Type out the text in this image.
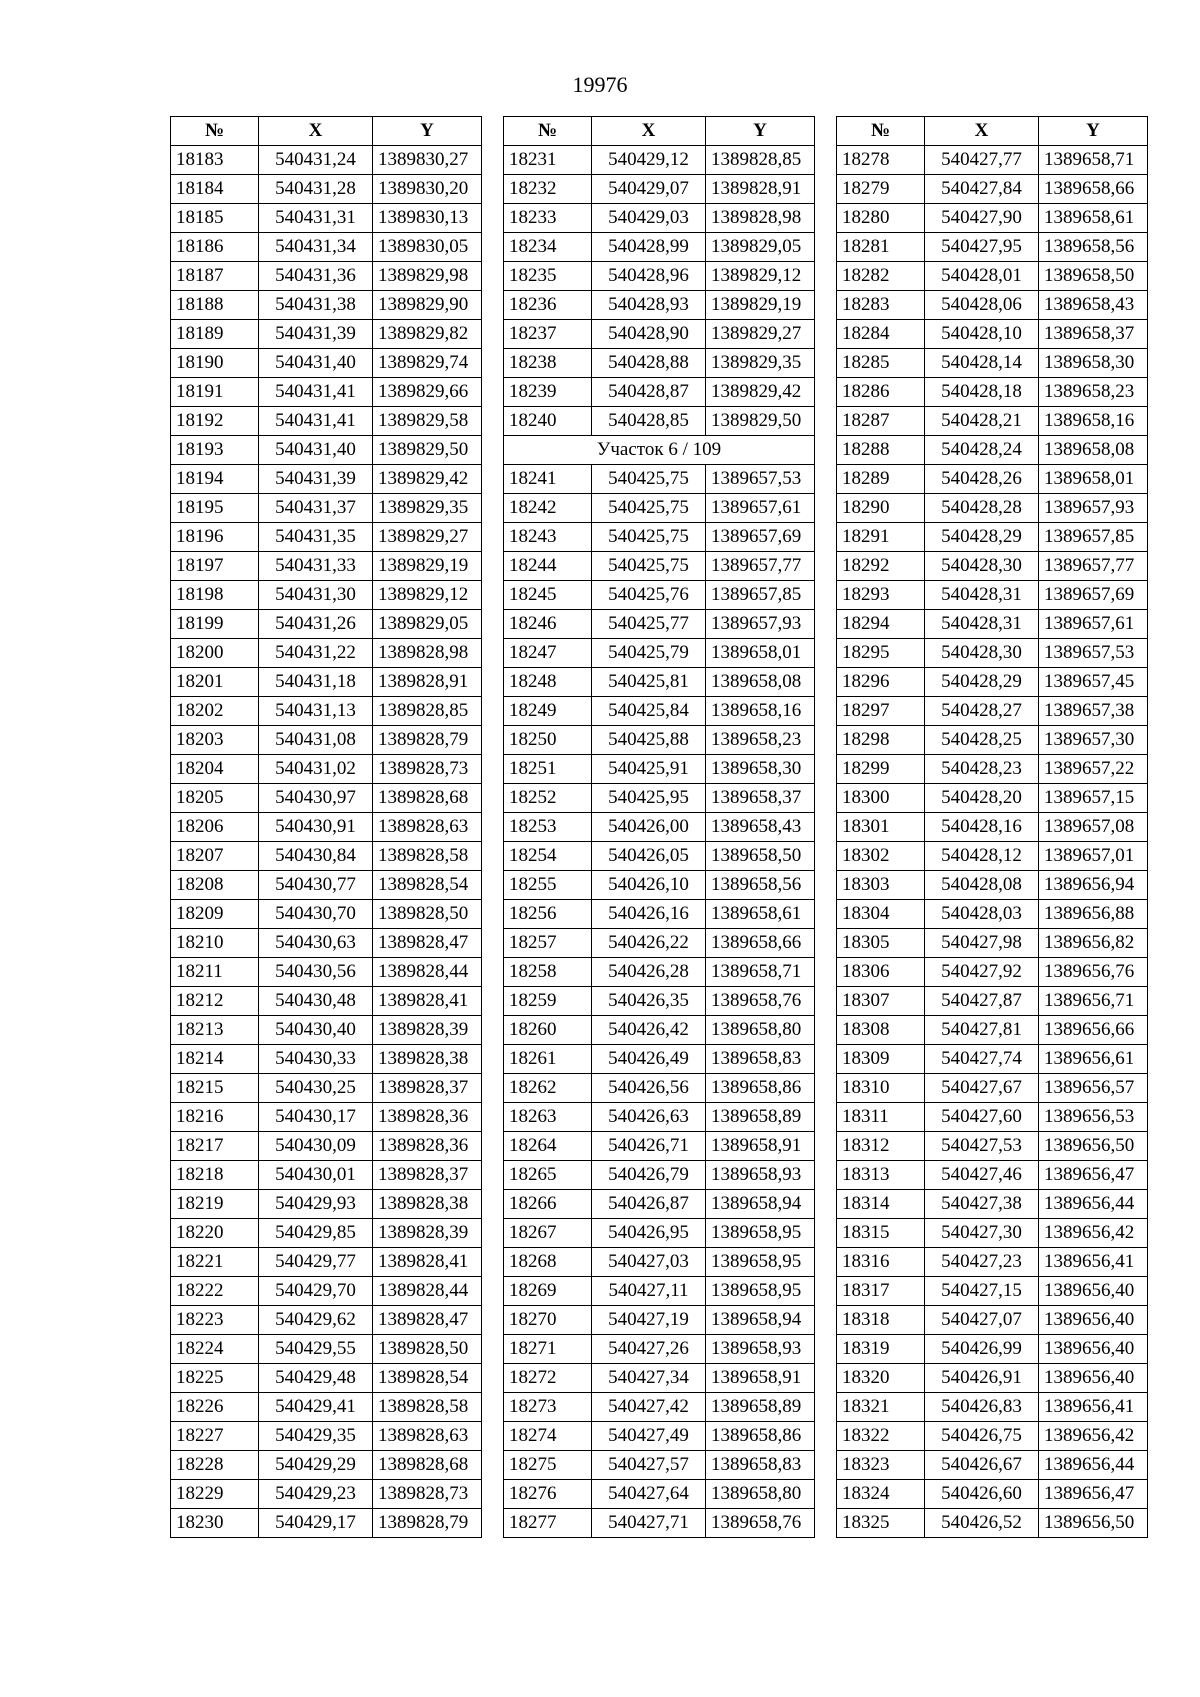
19976
№	X	Y
18183	540431,24	1389830,27
18184	540431,28	1389830,20
18185	540431,31	1389830,13
18186	540431,34	1389830,05
18187	540431,36	1389829,98
18188	540431,38	1389829,90
18189	540431,39	1389829,82
18190	540431,40	1389829,74
18191	540431,41	1389829,66
18192	540431,41	1389829,58
18193	540431,40	1389829,50
18194	540431,39	1389829,42
18195	540431,37	1389829,35
18196	540431,35	1389829,27
18197	540431,33	1389829,19
18198	540431,30	1389829,12
18199	540431,26	1389829,05
18200	540431,22	1389828,98
18201	540431,18	1389828,91
18202	540431,13	1389828,85
18203	540431,08	1389828,79
18204	540431,02	1389828,73
18205	540430,97	1389828,68
18206	540430,91	1389828,63
18207	540430,84	1389828,58
18208	540430,77	1389828,54
18209	540430,70	1389828,50
18210	540430,63	1389828,47
18211	540430,56	1389828,44
18212	540430,48	1389828,41
18213	540430,40	1389828,39
18214	540430,33	1389828,38
18215	540430,25	1389828,37
18216	540430,17	1389828,36
18217	540430,09	1389828,36
18218	540430,01	1389828,37
18219	540429,93	1389828,38
18220	540429,85	1389828,39
18221	540429,77	1389828,41
18222	540429,70	1389828,44
18223	540429,62	1389828,47
18224	540429,55	1389828,50
18225	540429,48	1389828,54
18226	540429,41	1389828,58
18227	540429,35	1389828,63
18228	540429,29	1389828,68
18229	540429,23	1389828,73
18230	540429,17	1389828,79
№	X	Y
18231	540429,12	1389828,85
18232	540429,07	1389828,91
18233	540429,03	1389828,98
18234	540428,99	1389829,05
18235	540428,96	1389829,12
18236	540428,93	1389829,19
18237	540428,90	1389829,27
18238	540428,88	1389829,35
18239	540428,87	1389829,42
18240	540428,85	1389829,50
Участок 6 / 109		
18241	540425,75	1389657,53
18242	540425,75	1389657,61
18243	540425,75	1389657,69
18244	540425,75	1389657,77
18245	540425,76	1389657,85
18246	540425,77	1389657,93
18247	540425,79	1389658,01
18248	540425,81	1389658,08
18249	540425,84	1389658,16
18250	540425,88	1389658,23
18251	540425,91	1389658,30
18252	540425,95	1389658,37
18253	540426,00	1389658,43
18254	540426,05	1389658,50
18255	540426,10	1389658,56
18256	540426,16	1389658,61
18257	540426,22	1389658,66
18258	540426,28	1389658,71
18259	540426,35	1389658,76
18260	540426,42	1389658,80
18261	540426,49	1389658,83
18262	540426,56	1389658,86
18263	540426,63	1389658,89
18264	540426,71	1389658,91
18265	540426,79	1389658,93
18266	540426,87	1389658,94
18267	540426,95	1389658,95
18268	540427,03	1389658,95
18269	540427,11	1389658,95
18270	540427,19	1389658,94
18271	540427,26	1389658,93
18272	540427,34	1389658,91
18273	540427,42	1389658,89
18274	540427,49	1389658,86
18275	540427,57	1389658,83
18276	540427,64	1389658,80
18277	540427,71	1389658,76
№	X	Y
18278	540427,77	1389658,71
18279	540427,84	1389658,66
18280	540427,90	1389658,61
18281	540427,95	1389658,56
18282	540428,01	1389658,50
18283	540428,06	1389658,43
18284	540428,10	1389658,37
18285	540428,14	1389658,30
18286	540428,18	1389658,23
18287	540428,21	1389658,16
18288	540428,24	1389658,08
18289	540428,26	1389658,01
18290	540428,28	1389657,93
18291	540428,29	1389657,85
18292	540428,30	1389657,77
18293	540428,31	1389657,69
18294	540428,31	1389657,61
18295	540428,30	1389657,53
18296	540428,29	1389657,45
18297	540428,27	1389657,38
18298	540428,25	1389657,30
18299	540428,23	1389657,22
18300	540428,20	1389657,15
18301	540428,16	1389657,08
18302	540428,12	1389657,01
18303	540428,08	1389656,94
18304	540428,03	1389656,88
18305	540427,98	1389656,82
18306	540427,92	1389656,76
18307	540427,87	1389656,71
18308	540427,81	1389656,66
18309	540427,74	1389656,61
18310	540427,67	1389656,57
18311	540427,60	1389656,53
18312	540427,53	1389656,50
18313	540427,46	1389656,47
18314	540427,38	1389656,44
18315	540427,30	1389656,42
18316	540427,23	1389656,41
18317	540427,15	1389656,40
18318	540427,07	1389656,40
18319	540426,99	1389656,40
18320	540426,91	1389656,40
18321	540426,83	1389656,41
18322	540426,75	1389656,42
18323	540426,67	1389656,44
18324	540426,60	1389656,47
18325	540426,52	1389656,50
